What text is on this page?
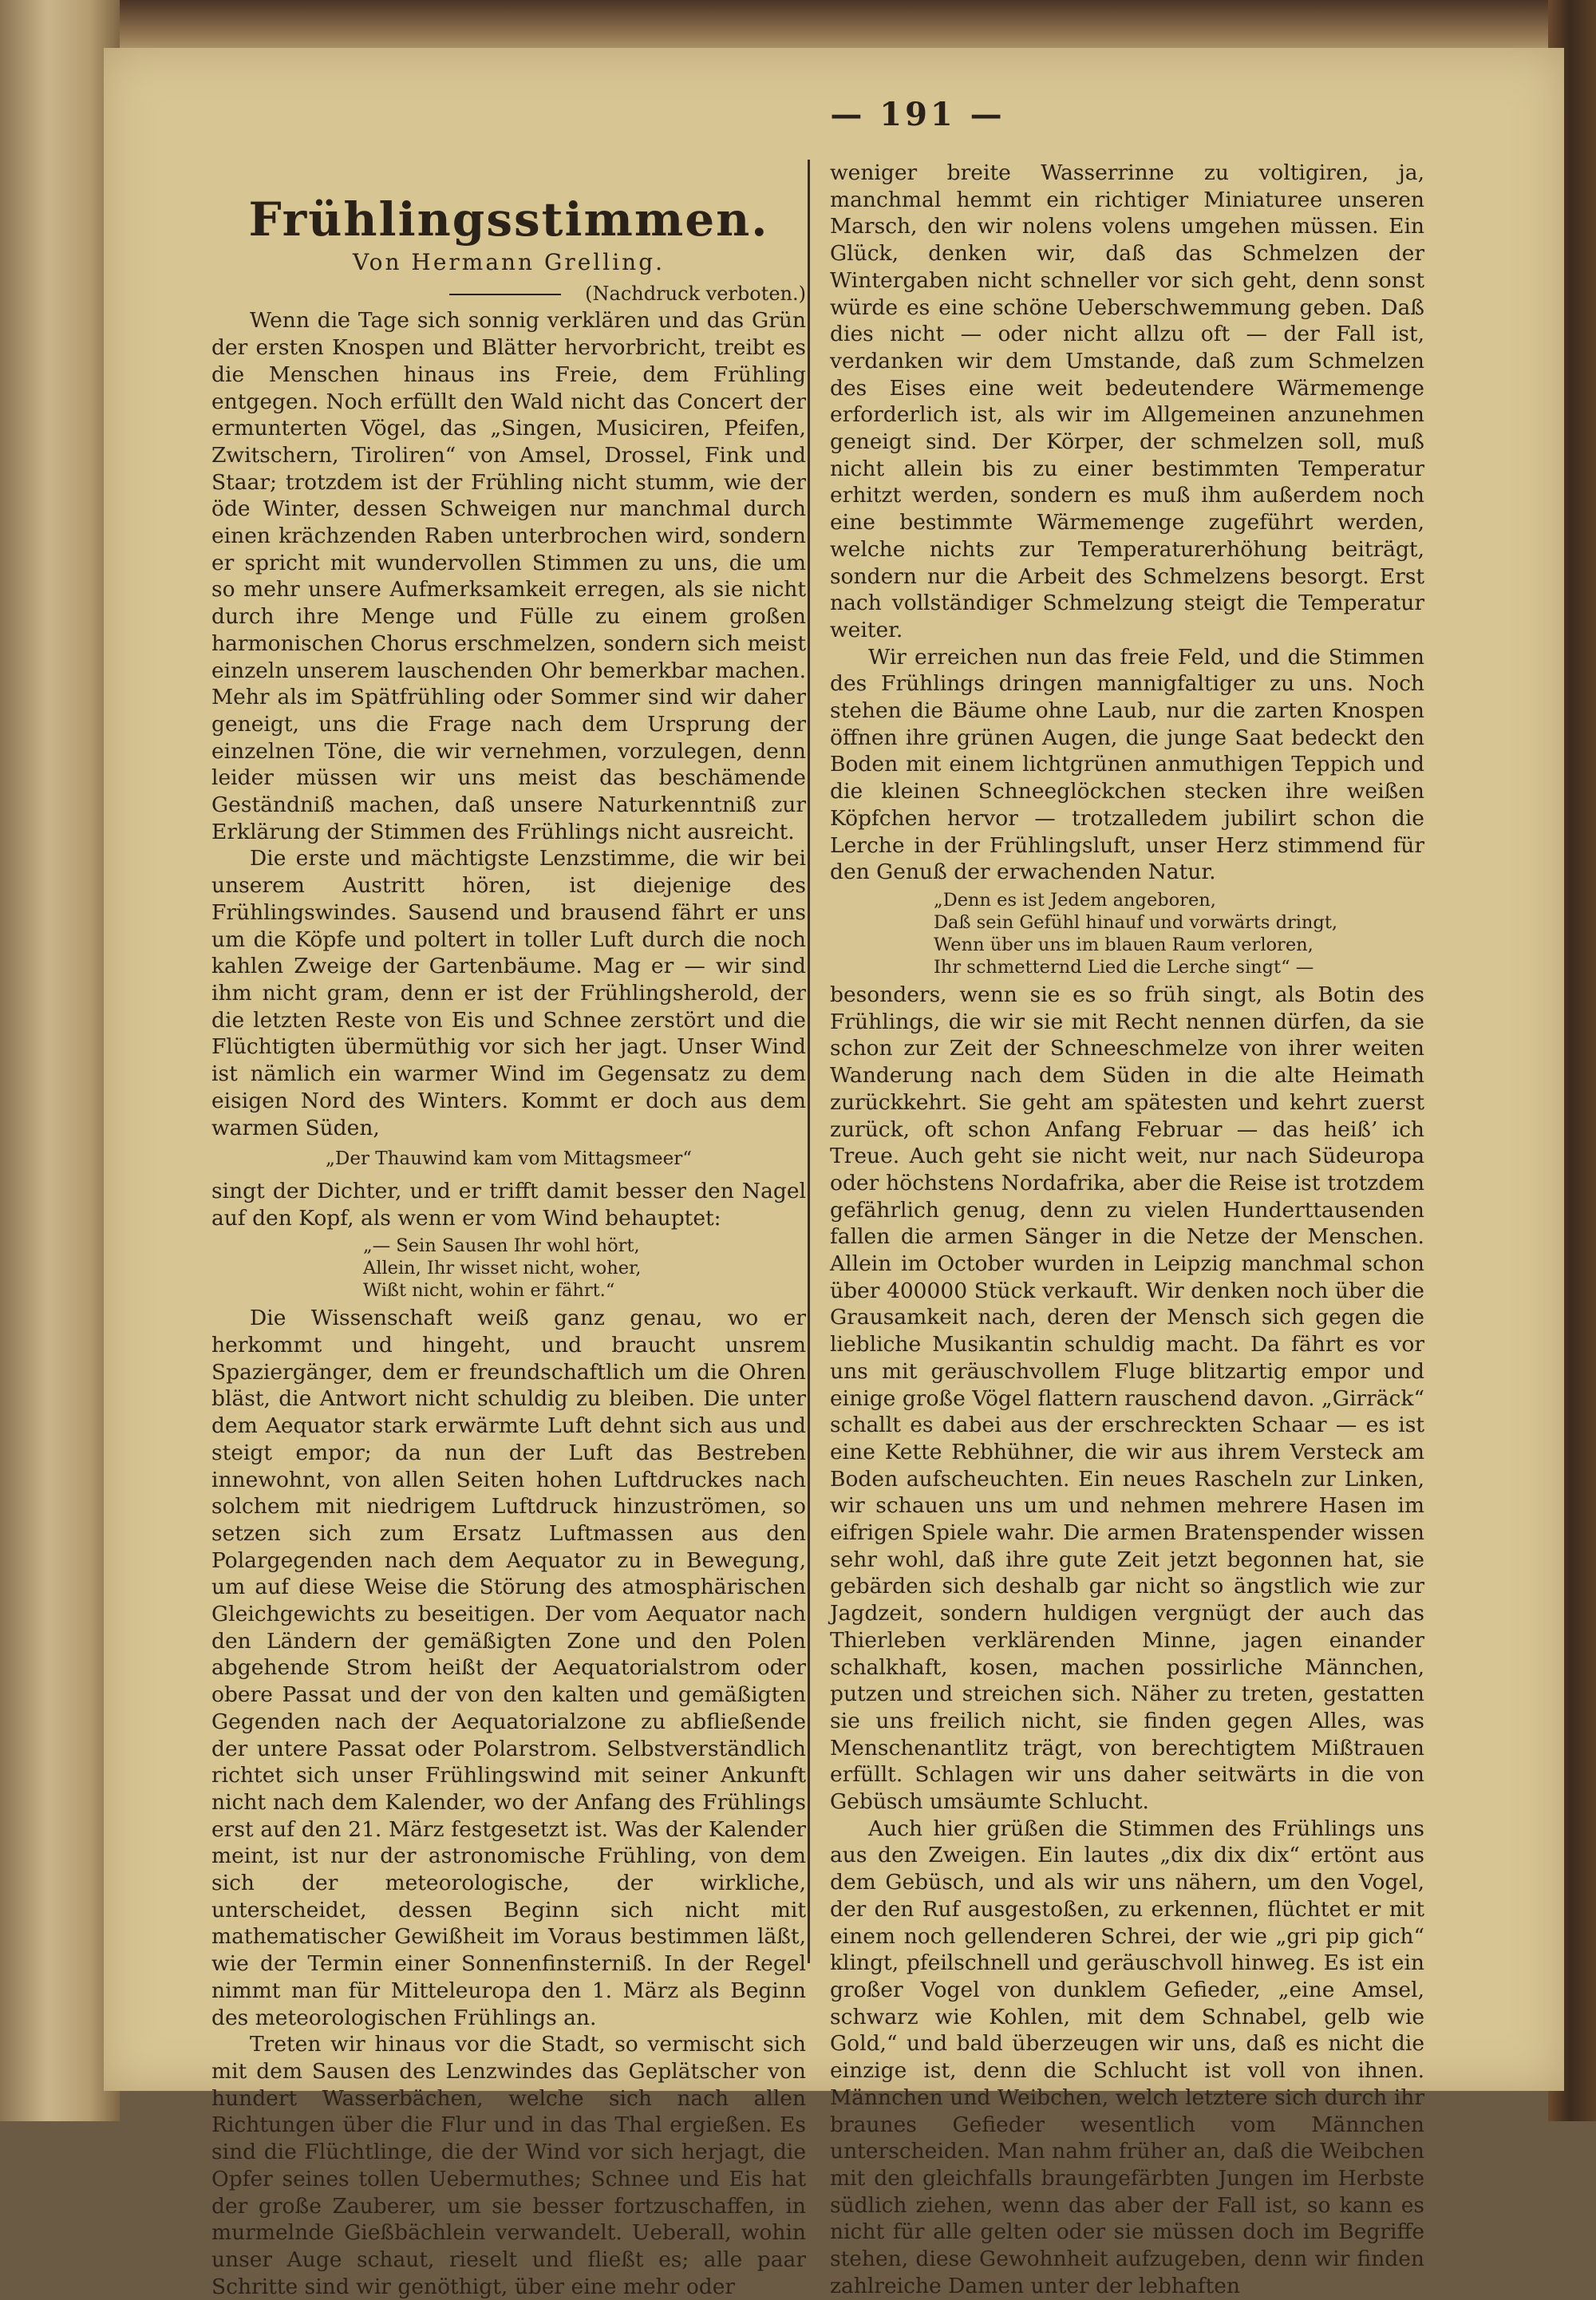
— 191 —
Frühlingsstimmen.
Von Hermann Grelling.
(Nachdruck verboten.)

Wenn die Tage sich sonnig verklären und das Grün der ersten Knospen und Blätter hervorbricht, treibt es die Menschen hinaus ins Freie, dem Frühling entgegen. Noch erfüllt den Wald nicht das Concert der ermunterten Vögel, das „Singen, Musiciren, Pfeifen, Zwitschern, Tiroliren“ von Amsel, Drossel, Fink und Staar; trotzdem ist der Frühling nicht stumm, wie der öde Winter, dessen Schweigen nur manchmal durch einen krächzenden Raben unterbrochen wird, sondern er spricht mit wundervollen Stimmen zu uns, die um so mehr unsere Aufmerksamkeit erregen, als sie nicht durch ihre Menge und Fülle zu einem großen harmonischen Chorus erschmelzen, sondern sich meist einzeln unserem lauschenden Ohr bemerkbar machen. Mehr als im Spätfrühling oder Sommer sind wir daher geneigt, uns die Frage nach dem Ursprung der einzelnen Töne, die wir vernehmen, vorzulegen, denn leider müssen wir uns meist das beschämende Geständniß machen, daß unsere Naturkenntniß zur Erklärung der Stimmen des Frühlings nicht ausreicht.

Die erste und mächtigste Lenzstimme, die wir bei unserem Austritt hören, ist diejenige des Frühlingswindes. Sausend und brausend fährt er uns um die Köpfe und poltert in toller Luft durch die noch kahlen Zweige der Gartenbäume. Mag er — wir sind ihm nicht gram, denn er ist der Frühlingsherold, der die letzten Reste von Eis und Schnee zerstört und die Flüchtigten übermüthig vor sich her jagt. Unser Wind ist nämlich ein warmer Wind im Gegensatz zu dem eisigen Nord des Winters. Kommt er doch aus dem warmen Süden,

„Der Thauwind kam vom Mittagsmeer“

singt der Dichter, und er trifft damit besser den Nagel auf den Kopf, als wenn er vom Wind behauptet:

„— Sein Sausen Ihr wohl hört,
Allein, Ihr wisset nicht, woher,
Wißt nicht, wohin er fährt.“

Die Wissenschaft weiß ganz genau, wo er herkommt und hingeht, und braucht unsrem Spaziergänger, dem er freundschaftlich um die Ohren bläst, die Antwort nicht schuldig zu bleiben. Die unter dem Aequator stark erwärmte Luft dehnt sich aus und steigt empor; da nun der Luft das Bestreben innewohnt, von allen Seiten hohen Luftdruckes nach solchem mit niedrigem Luftdruck hinzuströmen, so setzen sich zum Ersatz Luftmassen aus den Polargegenden nach dem Aequator zu in Bewegung, um auf diese Weise die Störung des atmosphärischen Gleichgewichts zu beseitigen. Der vom Aequator nach den Ländern der gemäßigten Zone und den Polen abgehende Strom heißt der Aequatorialstrom oder obere Passat und der von den kalten und gemäßigten Gegenden nach der Aequatorialzone zu abfließende der untere Passat oder Polarstrom. Selbstverständlich richtet sich unser Frühlingswind mit seiner Ankunft nicht nach dem Kalender, wo der Anfang des Frühlings erst auf den 21. März festgesetzt ist. Was der Kalender meint, ist nur der astronomische Frühling, von dem sich der meteorologische, der wirkliche, unterscheidet, dessen Beginn sich nicht mit mathematischer Gewißheit im Voraus bestimmen läßt, wie der Termin einer Sonnenfinsterniß. In der Regel nimmt man für Mitteleuropa den 1. März als Beginn des meteorologischen Frühlings an.

Treten wir hinaus vor die Stadt, so vermischt sich mit dem Sausen des Lenzwindes das Geplätscher von hundert Wasserbächen, welche sich nach allen Richtungen über die Flur und in das Thal ergießen. Es sind die Flüchtlinge, die der Wind vor sich herjagt, die Opfer seines tollen Uebermuthes; Schnee und Eis hat der große Zauberer, um sie besser fortzuschaffen, in murmelnde Gießbächlein verwandelt. Ueberall, wohin unser Auge schaut, rieselt und fließt es; alle paar Schritte sind wir genöthigt, über eine mehr oder

weniger breite Wasserrinne zu voltigiren, ja, manchmal hemmt ein richtiger Miniaturee unseren Marsch, den wir nolens volens umgehen müssen. Ein Glück, denken wir, daß das Schmelzen der Wintergaben nicht schneller vor sich geht, denn sonst würde es eine schöne Ueberschwemmung geben. Daß dies nicht — oder nicht allzu oft — der Fall ist, verdanken wir dem Umstande, daß zum Schmelzen des Eises eine weit bedeutendere Wärmemenge erforderlich ist, als wir im Allgemeinen anzunehmen geneigt sind. Der Körper, der schmelzen soll, muß nicht allein bis zu einer bestimmten Temperatur erhitzt werden, sondern es muß ihm außerdem noch eine bestimmte Wärmemenge zugeführt werden, welche nichts zur Temperaturerhöhung beiträgt, sondern nur die Arbeit des Schmelzens besorgt. Erst nach vollständiger Schmelzung steigt die Temperatur weiter.

Wir erreichen nun das freie Feld, und die Stimmen des Frühlings dringen mannigfaltiger zu uns. Noch stehen die Bäume ohne Laub, nur die zarten Knospen öffnen ihre grünen Augen, die junge Saat bedeckt den Boden mit einem lichtgrünen anmuthigen Teppich und die kleinen Schneeglöckchen stecken ihre weißen Köpfchen hervor — trotzalledem jubilirt schon die Lerche in der Frühlingsluft, unser Herz stimmend für den Genuß der erwachenden Natur.

„Denn es ist Jedem angeboren,
Daß sein Gefühl hinauf und vorwärts dringt,
Wenn über uns im blauen Raum verloren,
Ihr schmetternd Lied die Lerche singt“ —

besonders, wenn sie es so früh singt, als Botin des Frühlings, die wir sie mit Recht nennen dürfen, da sie schon zur Zeit der Schneeschmelze von ihrer weiten Wanderung nach dem Süden in die alte Heimath zurückkehrt. Sie geht am spätesten und kehrt zuerst zurück, oft schon Anfang Februar — das heiß’ ich Treue. Auch geht sie nicht weit, nur nach Südeuropa oder höchstens Nordafrika, aber die Reise ist trotzdem gefährlich genug, denn zu vielen Hunderttausenden fallen die armen Sänger in die Netze der Menschen. Allein im October wurden in Leipzig manchmal schon über 400000 Stück verkauft. Wir denken noch über die Grausamkeit nach, deren der Mensch sich gegen die liebliche Musikantin schuldig macht. Da fährt es vor uns mit geräuschvollem Fluge blitzartig empor und einige große Vögel flattern rauschend davon. „Girräck“ schallt es dabei aus der erschreckten Schaar — es ist eine Kette Rebhühner, die wir aus ihrem Versteck am Boden aufscheuchten. Ein neues Rascheln zur Linken, wir schauen uns um und nehmen mehrere Hasen im eifrigen Spiele wahr. Die armen Bratenspender wissen sehr wohl, daß ihre gute Zeit jetzt begonnen hat, sie gebärden sich deshalb gar nicht so ängstlich wie zur Jagdzeit, sondern huldigen vergnügt der auch das Thierleben verklärenden Minne, jagen einander schalkhaft, kosen, machen possirliche Männchen, putzen und streichen sich. Näher zu treten, gestatten sie uns freilich nicht, sie finden gegen Alles, was Menschenantlitz trägt, von berechtigtem Mißtrauen erfüllt. Schlagen wir uns daher seitwärts in die von Gebüsch umsäumte Schlucht.

Auch hier grüßen die Stimmen des Frühlings uns aus den Zweigen. Ein lautes „dix dix dix“ ertönt aus dem Gebüsch, und als wir uns nähern, um den Vogel, der den Ruf ausgestoßen, zu erkennen, flüchtet er mit einem noch gellenderen Schrei, der wie „gri pip gich“ klingt, pfeilschnell und geräuschvoll hinweg. Es ist ein großer Vogel von dunklem Gefieder, „eine Amsel, schwarz wie Kohlen, mit dem Schnabel, gelb wie Gold,“ und bald überzeugen wir uns, daß es nicht die einzige ist, denn die Schlucht ist voll von ihnen. Männchen und Weibchen, welch letztere sich durch ihr braunes Gefieder wesentlich vom Männchen unterscheiden. Man nahm früher an, daß die Weibchen mit den gleichfalls braungefärbten Jungen im Herbste südlich ziehen, wenn das aber der Fall ist, so kann es nicht für alle gelten oder sie müssen doch im Begriffe stehen, diese Gewohnheit aufzugeben, denn wir finden zahlreiche Damen unter der lebhaften
